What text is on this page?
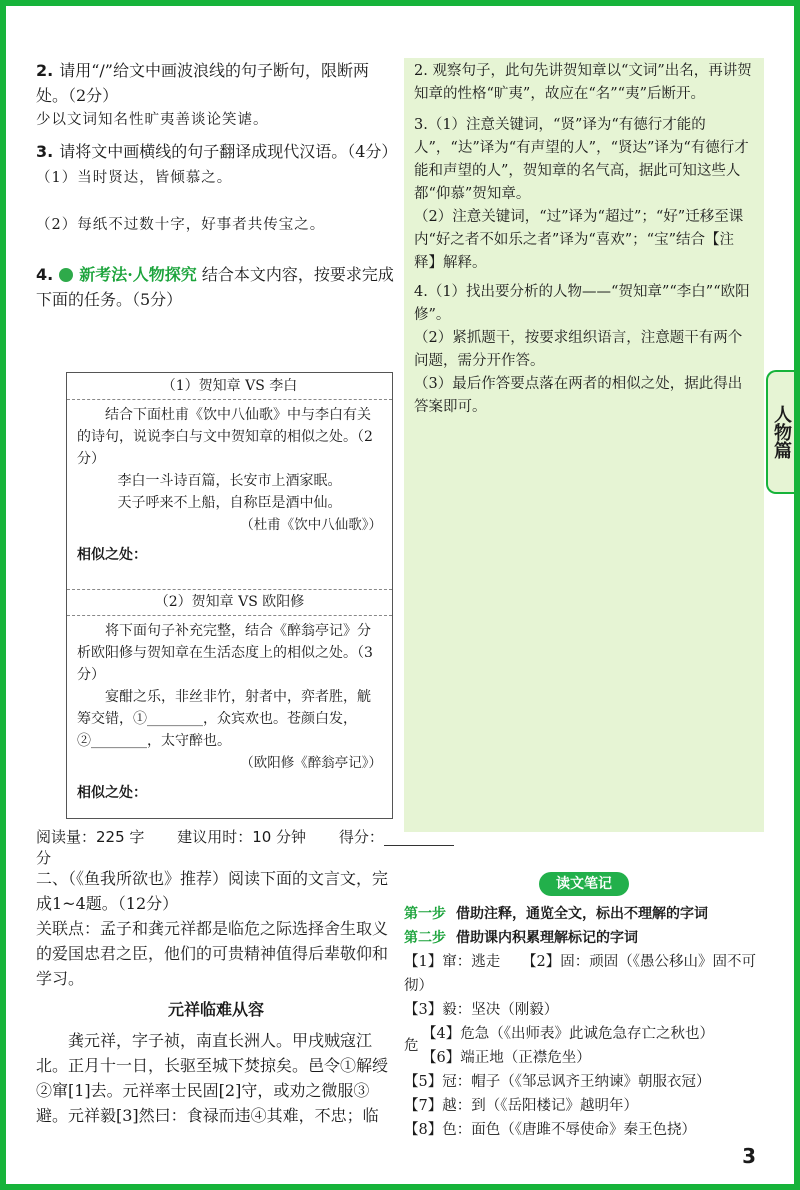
2. 请用“/”给文中画波浪线的句子断句，限断两处。（2分）
少以文词知名性旷夷善谈论笑谑。
3. 请将文中画横线的句子翻译成现代汉语。（4分）
（1）当时贤达，皆倾慕之。
（2）每纸不过数十字，好事者共传宝之。
4. 新考法·人物探究 结合本文内容，按要求完成下面的任务。（5分）
（1）贺知章 VS 李白
结合下面杜甫《饮中八仙歌》中与李白有关的诗句，说说李白与文中贺知章的相似之处。（2分）
李白一斗诗百篇，长安市上酒家眠。
天子呼来不上船，自称臣是酒中仙。
（杜甫《饮中八仙歌》）
相似之处：
（2）贺知章 VS 欧阳修
将下面句子补充完整，结合《醉翁亭记》分析欧阳修与贺知章在生活态度上的相似之处。（3分）
宴酣之乐，非丝非竹，射者中，弈者胜，觥筹交错，①________，众宾欢也。苍颜白发，②________，太守醉也。
（欧阳修《醉翁亭记》）
相似之处：
2. 观察句子，此句先讲贺知章以“文词”出名，再讲贺知章的性格“旷夷”，故应在“名”“夷”后断开。
3.（1）注意关键词，“贤”译为“有德行才能的人”，“达”译为“有声望的人”，“贤达”译为“有德行才能和声望的人”，贺知章的名气高，据此可知这些人都“仰慕”贺知章。
（2）注意关键词，“过”译为“超过”；“好”迁移至课内“好之者不如乐之者”译为“喜欢”；“宝”结合【注释】解释。
4.（1）找出要分析的人物——“贺知章”“李白”“欧阳修”。
（2）紧抓题干，按要求组织语言，注意题干有两个问题，需分开作答。
（3）最后作答要点落在两者的相似之处，据此得出答案即可。	人物篇
阅读量：225 字 建议用时：10 分钟 得分：分
二、（《鱼我所欲也》推荐）阅读下面的文言文，完成1~4题。（12分）
关联点：孟子和龚元祥都是临危之际选择舍生取义的爱国忠君之臣，他们的可贵精神值得后辈敬仰和学习。
元祥临难从容
龚元祥，字子祯，南直长洲人。甲戌贼寇江北。正月十一日，长驱至城下焚掠矣。邑令①解绶②窜[1]去。元祥率士民固[2]守，或劝之微服③避。元祥毅[3]然曰：食禄而违④其难，不忠；临
读文笔记
第一步 借助注释，通览全文，标出不理解的字词
第二步 借助课内积累理解标记的字词
【1】窜：逃走　　【2】固：顽固（《愚公移山》固不可彻）
【3】毅：坚决（刚毅）
危
【4】危急（《出师表》此诚危急存亡之秋也）
【6】端正地（正襟危坐）
【5】冠：帽子（《邹忌讽齐王纳谏》朝服衣冠）
【7】越：到（《岳阳楼记》越明年）
【8】色：面色（《唐雎不辱使命》秦王色挠）
3
